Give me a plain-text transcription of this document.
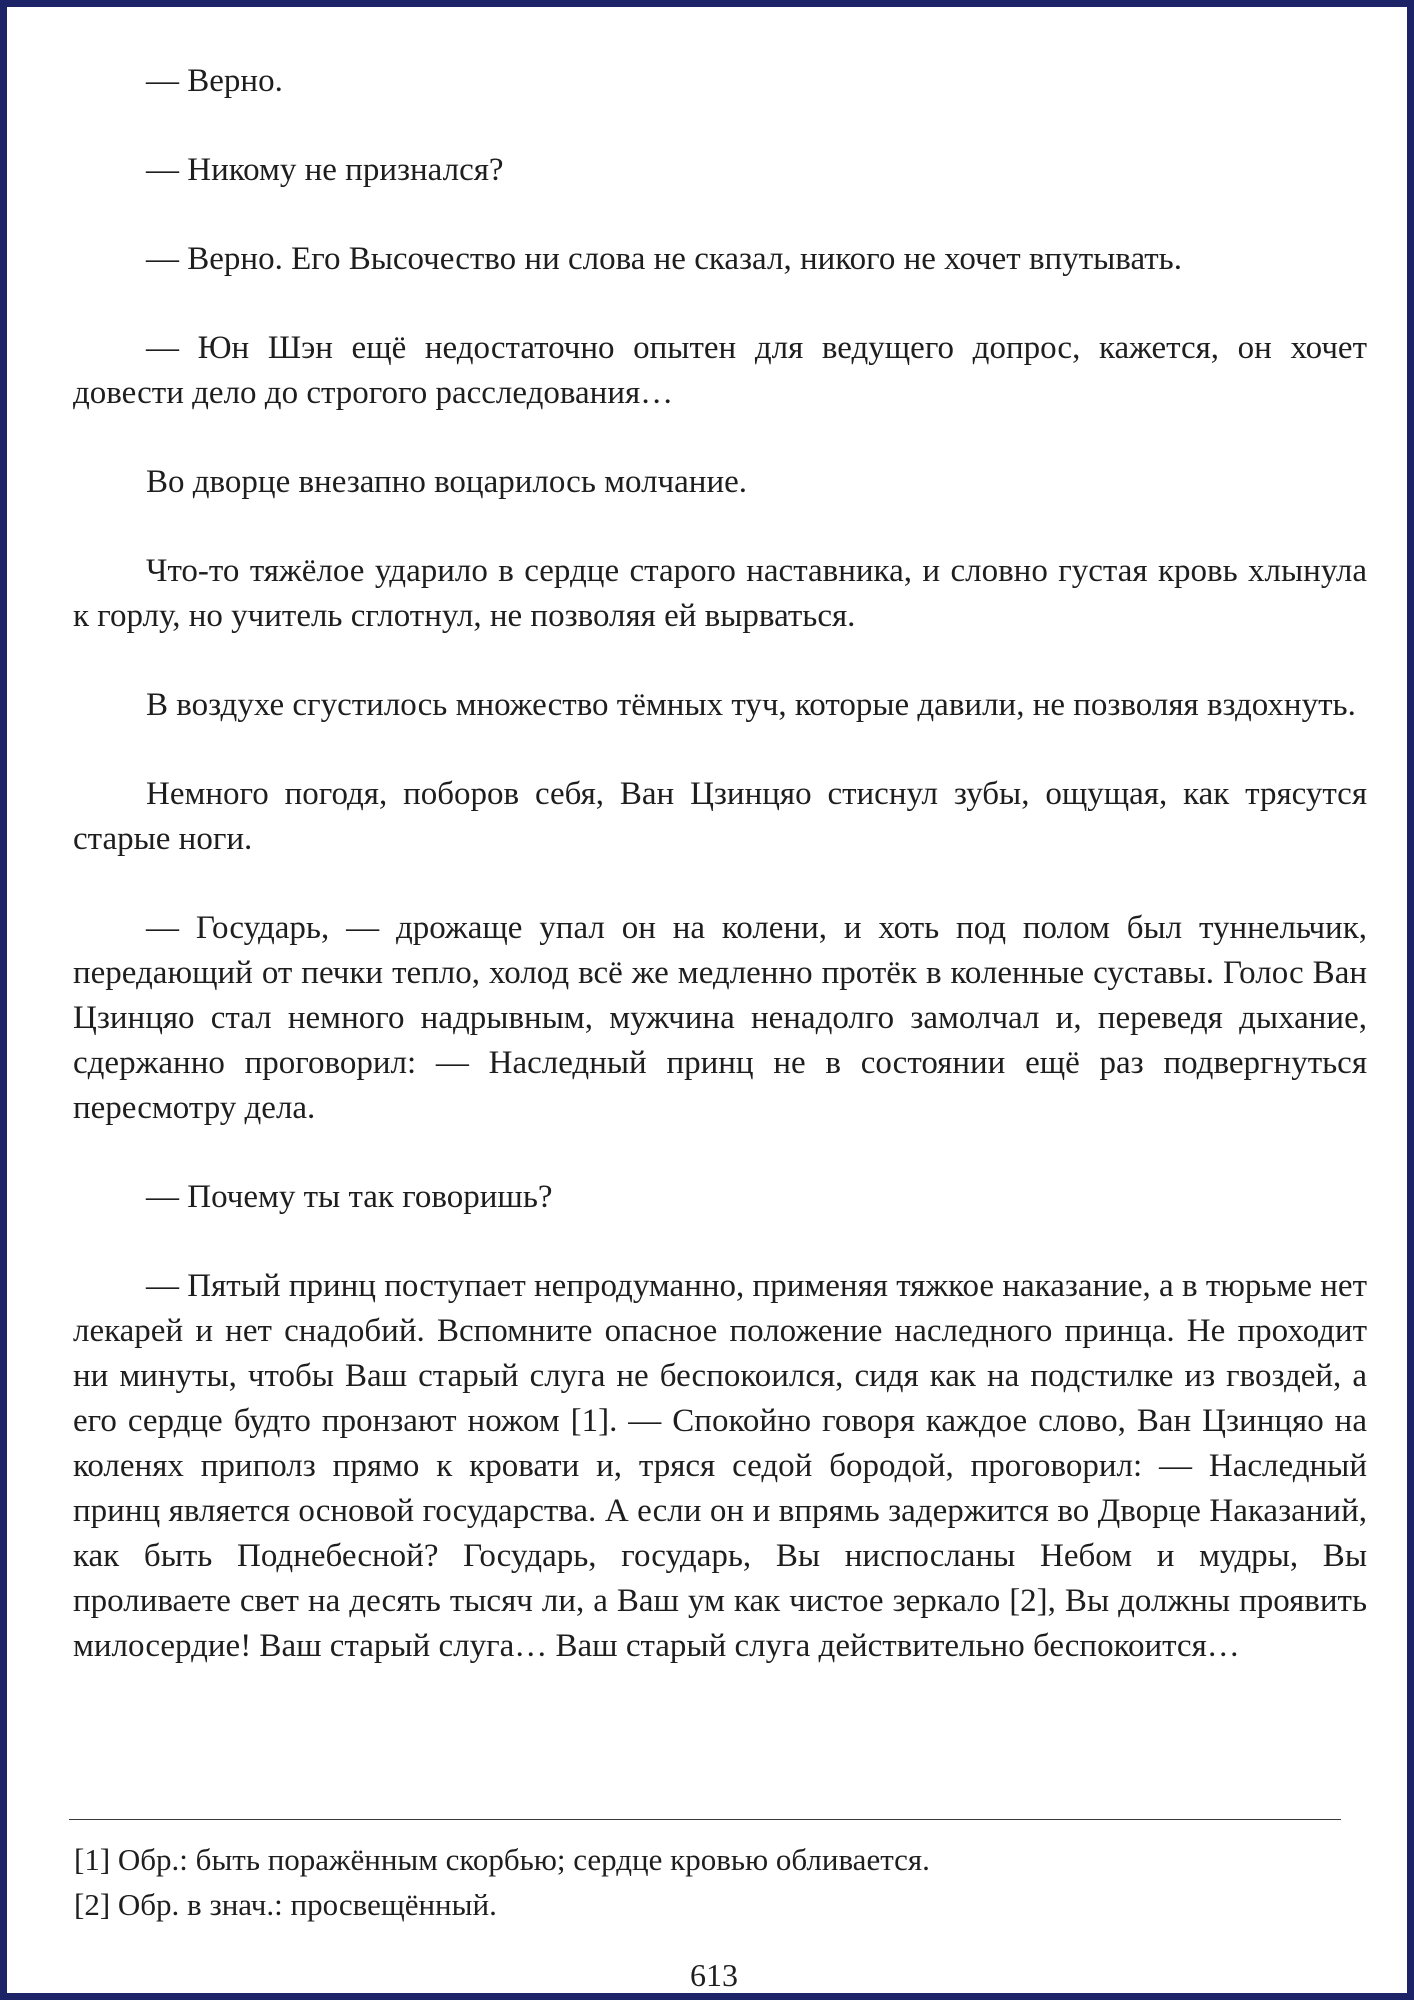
— Верно.

— Никому не признался?

— Верно. Его Высочество ни слова не сказал, никого не хочет впутывать.

— Юн Шэн ещё недостаточно опытен для ведущего допрос, кажется, он хочет довести дело до строгого расследования…

Во дворце внезапно воцарилось молчание.

Что-то тяжёлое ударило в сердце старого наставника, и словно густая кровь хлынула к горлу, но учитель сглотнул, не позволяя ей вырваться.

В воздухе сгустилось множество тёмных туч, которые давили, не позволяя вздохнуть.

Немного погодя, поборов себя, Ван Цзинцяо стиснул зубы, ощущая, как трясутся старые ноги.

— Государь, — дрожаще упал он на колени, и хоть под полом был туннельчик, передающий от печки тепло, холод всё же медленно протёк в коленные суставы. Голос Ван Цзинцяо стал немного надрывным, мужчина ненадолго замолчал и, переведя дыхание, сдержанно проговорил: — Наследный принц не в состоянии ещё раз подвергнуться пересмотру дела.

— Почему ты так говоришь?

— Пятый принц поступает непродуманно, применяя тяжкое наказание, а в тюрьме нет лекарей и нет снадобий. Вспомните опасное положение наследного принца. Не проходит ни минуты, чтобы Ваш старый слуга не беспокоился, сидя как на подстилке из гвоздей, а его сердце будто пронзают ножом [1]. — Спокойно говоря каждое слово, Ван Цзинцяо на коленях приполз прямо к кровати и, тряся седой бородой, проговорил: — Наследный принц является основой государства. А если он и впрямь задержится во Дворце Наказаний, как быть Поднебесной? Государь, государь, Вы ниспосланы Небом и мудры, Вы проливаете свет на десять тысяч ли, а Ваш ум как чистое зеркало [2], Вы должны проявить милосердие! Ваш старый слуга… Ваш старый слуга действительно беспокоится…

[1] Обр.: быть поражённым скорбью; сердце кровью обливается.

[2] Обр. в знач.: просвещённый.

613
